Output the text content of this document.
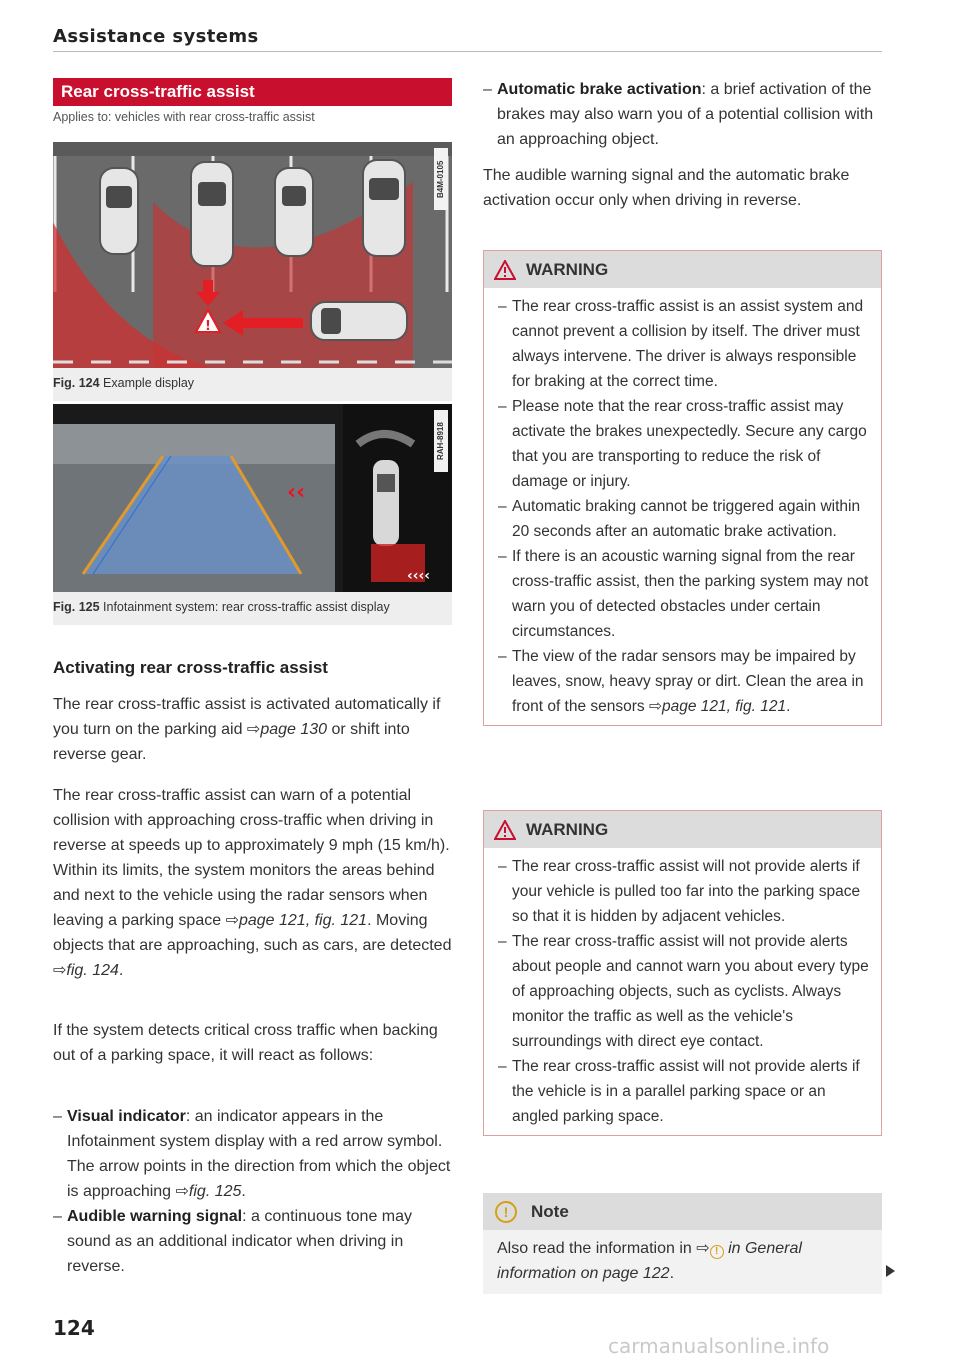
Assistance systems
Rear cross-traffic assist
Applies to: vehicles with rear cross-traffic assist
!
B4M-0105
Fig. 124 Example display
‹‹
‹‹‹‹
RAH-8918
Fig. 125 Infotainment system: rear cross-traffic assist display
Activating rear cross-traffic assist

The rear cross-traffic assist is activated automatically if you turn on the parking aid ⇨page 130 or shift into reverse gear.

The rear cross-traffic assist can warn of a potential collision with approaching cross-traffic when driving in reverse at speeds up to approximately 9 mph (15 km/h). Within its limits, the system monitors the areas behind and next to the vehicle using the radar sensors when leaving a parking space ⇨page 121, fig. 121. Moving objects that are approaching, such as cars, are detected ⇨fig. 124.

If the system detects critical cross traffic when backing out of a parking space, it will react as follows:

– Visual indicator: an indicator appears in the Infotainment system display with a red arrow symbol. The arrow points in the direction from which the object is approaching ⇨fig. 125.
– Audible warning signal: a continuous tone may sound as an additional indicator when driving in reverse.
– Automatic brake activation: a brief activation of the brakes may also warn you of a potential collision with an approaching object.

The audible warning signal and the automatic brake activation occur only when driving in reverse.

WARNING
– The rear cross-traffic assist is an assist system and cannot prevent a collision by itself. The driver must always intervene. The driver is always responsible for braking at the correct time.
– Please note that the rear cross-traffic assist may activate the brakes unexpectedly. Secure any cargo that you are transporting to reduce the risk of damage or injury.
– Automatic braking cannot be triggered again within 20 seconds after an automatic brake activation.
– If there is an acoustic warning signal from the rear cross-traffic assist, then the parking system may not warn you of detected obstacles under certain circumstances.
– The view of the radar sensors may be impaired by leaves, snow, heavy spray or dirt. Clean the area in front of the sensors ⇨page 121, fig. 121.
WARNING
– The rear cross-traffic assist will not provide alerts if your vehicle is pulled too far into the parking space so that it is hidden by adjacent vehicles.
– The rear cross-traffic assist will not provide alerts about people and cannot warn you about every type of approaching objects, such as cyclists. Always monitor the traffic as well as the vehicle's surroundings with direct eye contact.
– The rear cross-traffic assist will not provide alerts if the vehicle is in a parallel parking space or an angled parking space.
!	Note
Also read the information in ⇨ ! in General information on page 122.
124
carmanualsonline.info
